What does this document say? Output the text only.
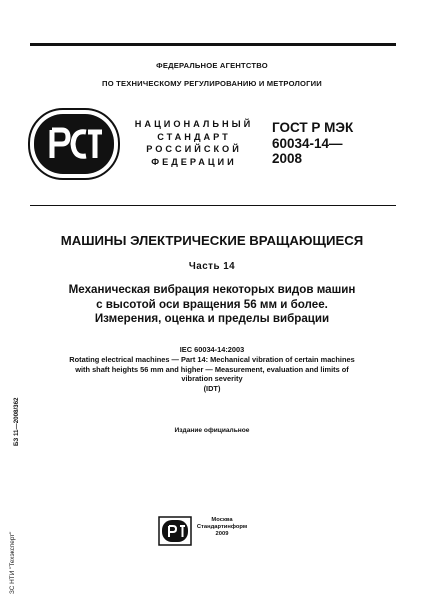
ФЕДЕРАЛЬНОЕ АГЕНТСТВО
ПО ТЕХНИЧЕСКОМУ РЕГУЛИРОВАНИЮ И МЕТРОЛОГИИ
НАЦИОНАЛЬНЫЙ
СТАНДАРТ
РОССИЙСКОЙ
ФЕДЕРАЦИИ
ГОСТ Р МЭК
60034-14—
2008
МАШИНЫ ЭЛЕКТРИЧЕСКИЕ ВРАЩАЮЩИЕСЯ
Часть 14
Механическая вибрация некоторых видов машин
с высотой оси вращения 56 мм и более.
Измерения, оценка и пределы вибрации
IEC 60034-14:2003
Rotating electrical machines — Part 14: Mechanical vibration of certain machines
with shaft heights 56 mm and higher — Measurement, evaluation and limits of
vibration severity
(IDT)
Издание официальное
БЗ 11—2008/362
ЗС НТИ "Техэксперт"
Москва
Стандартинформ
2009
